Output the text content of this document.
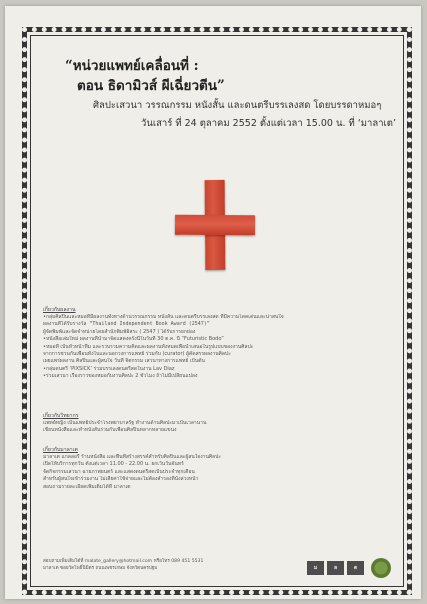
“หน่วยแพทย์เคลื่อนที่ :
ตอน ธิดามิวส์ ผีเฉี่ยวตีน”
ศิลปะเสวนา วรรณกรรม หนังสั้น และดนตรีบรรเลงสด โดยบรรดาหมอๆ
วันเสาร์ ที่ 24 ตุลาคม 2552 ตั้งแต่เวลา 15.00 น. ที่ ‘มาลาเต’
เกี่ยวกับผลงาน
•กลุ่มศิลปินและหมอที่มีผลงานทั้งทางด้านวรรณกรรม หนังสั้น และดนตรีบรรเลงสด ที่มีความโดดเด่นและน่าสนใจ
ผลงานที่ได้รับรางวัล “Thailand Independent Book Award (2547)”
ผู้จัดพิมพ์และจัดจำหน่ายโดยสำนักพิมพ์อิสระ ( 2547 ) ได้รับการยกย่อง
•หนังสือเล่มใหม่ ผลงานที่นำมาจัดแสดงครั้งนี้ในวันที่ 30 ต.ค. นี้ “Futuristic Bodo”
•หมอที่ เป็นหัวหน้าทีม และรวบรวมความคิดและผลงานทั้งหมดเพื่อนำเสนอในรูปแบบของงานศิลปะ
จากการชวนกันเพื่อนทั้งในและนอกวงการแพทย์ ร่วมกับ (curator) ผู้คัดสรรผลงานศิลปะ
เผยแพร่ผลงาน ศิลปินและผู้สนใจ วันที่ จิตกรรม เสวนาทางการแพทย์ เป็นต้น
•กลุ่มดนตรี ‘PIXSICK’ ร่วมบรรเลงดนตรีสดในงาน Lav Diaz
•ร่วมเสวนา เรื่องราวของหมอกับงานศิลปะ 2 ชั่วโมง ถ้าไม่มีเปลี่ยนแปลง
เกี่ยวกับวิทยากร
แพทย์หญิง เป็นแพทย์ประจำโรงพยาบาลรัฐ ทำงานด้านศิลปะมาเป็นเวลานาน
เขียนหนังสือและทำหนังสั้นร่วมกับเพื่อนศิลปินหลากหลายแขนง
เกี่ยวกับมาลาเต
มาลาเต แกลลอรี่ ร้านหนังสือ และพื้นที่สร้างสรรค์สำหรับศิลปินและผู้สนใจงานศิลปะ
เปิดให้บริการทุกวัน ตั้งแต่เวลา 11.00 - 22.00 น. ยกเว้นวันจันทร์
จัดกิจกรรมเสวนา ฉายภาพยนตร์ และแสดงดนตรีสดเป็นประจำทุกเดือน
สำหรับผู้สนใจเข้าร่วมงาน ไม่เสียค่าใช้จ่ายและไม่ต้องสำรองที่นั่งล่วงหน้า
สอบถามรายละเอียดเพิ่มเติมได้ที่ มาลาเต
สอบถามเพิ่มเติมได้ที่ malate_gallery@hotmail.com หรือโทร 089 451 5531
มาลาเต ซอยวัดโพธิ์นิมิตร ถนนเพชรเกษม จังหวัดนครปฐม	ม	ล	ต
